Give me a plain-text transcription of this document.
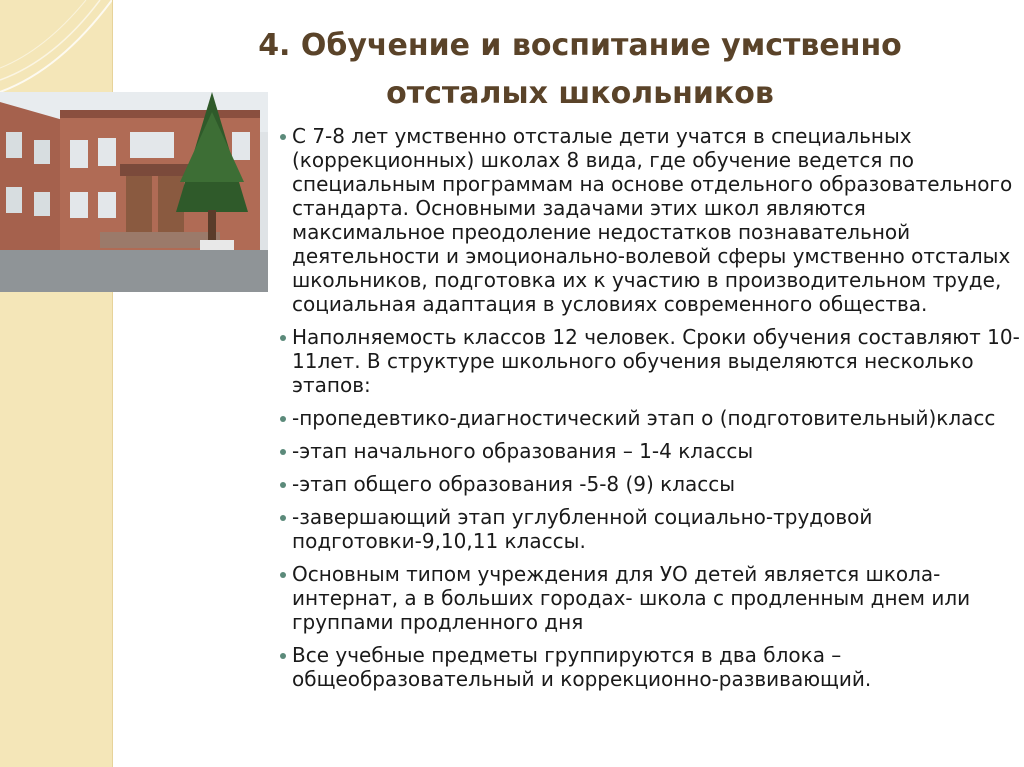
4. Обучение и воспитание умственно
отсталых школьников
С 7-8 лет умственно отсталые дети учатся в специальных (коррекционных) школах 8 вида, где обучение ведется по специальным программам на основе отдельного образовательного стандарта. Основными задачами этих школ являются максимальное преодоление недостатков познавательной деятельности и эмоционально-волевой сферы умственно отсталых школьников, подготовка их к участию в производительном труде, социальная адаптация в условиях современного общества.
Наполняемость классов 12 человек. Сроки обучения составляют 10-11лет. В структуре школьного обучения выделяются несколько этапов:
-пропедевтико-диагностический этап о (подготовительный)класс
-этап начального образования – 1-4 классы
-этап общего образования -5-8 (9) классы
-завершающий этап углубленной социально-трудовой подготовки-9,10,11 классы.
Основным типом учреждения для УО детей является школа-интернат, а в больших городах- школа с продленным днем или группами продленного дня
Все учебные предметы группируются в два блока – общеобразовательный и коррекционно-развивающий.
